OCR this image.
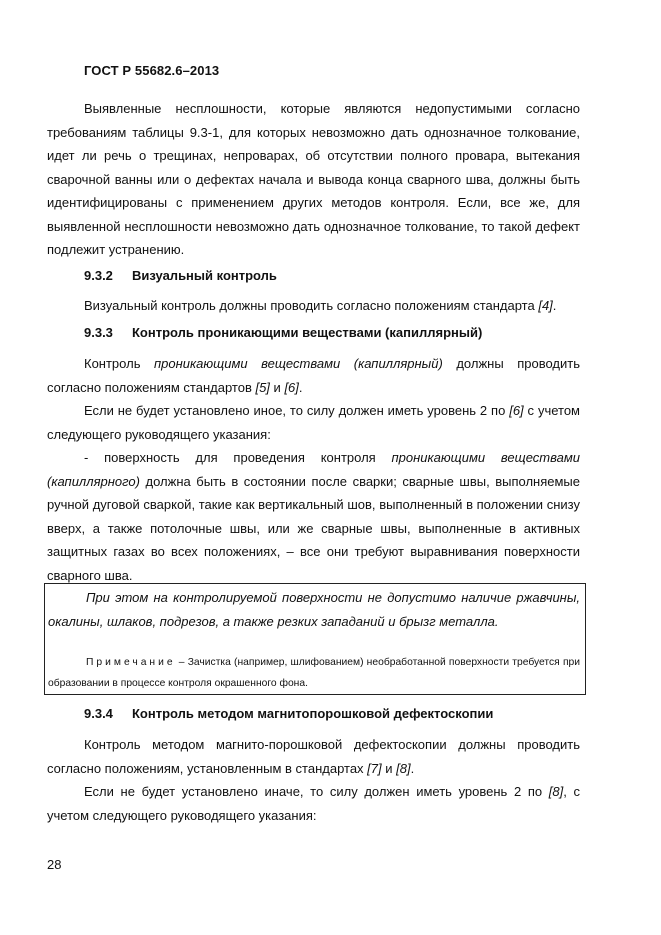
ГОСТ Р 55682.6–2013

Выявленные несплошности, которые являются недопустимыми согласно требованиям таблицы 9.3-1, для которых невозможно дать однозначное толкование, идет ли речь о трещинах, непроварах, об отсутствии полного провара, вытекания сварочной ванны или о дефектах начала и вывода конца сварного шва, должны быть идентифицированы с применением других методов контроля. Если, все же, для выявленной несплошности невозможно дать однозначное толкование, то такой дефект подлежит устранению.

9.3.2 Визуальный контроль

Визуальный контроль должны проводить согласно положениям стандарта [4].

9.3.3 Контроль проникающими веществами (капиллярный)

Контроль проникающими веществами (капиллярный) должны проводить согласно положениям стандартов [5] и [6].

Если не будет установлено иное, то силу должен иметь уровень 2 по [6] с учетом следующего руководящего указания:

- поверхность для проведения контроля проникающими веществами (капиллярного) должна быть в состоянии после сварки; сварные швы, выполняемые ручной дуговой сваркой, такие как вертикальный шов, выполненный в положении снизу вверх, а также потолочные швы, или же сварные швы, выполненные в активных защитных газах во всех положениях, – все они требуют выравнивания поверхности сварного шва.

При этом на контролируемой поверхности не допустимо наличие ржавчины, окалины, шлаков, подрезов, а также резких западаний и брызг металла.

Примечание – Зачистка (например, шлифованием) необработанной поверхности требуется при образовании в процессе контроля окрашенного фона.

9.3.4 Контроль методом магнитопорошковой дефектоскопии

Контроль методом магнито-порошковой дефектоскопии должны проводить согласно положениям, установленным в стандартах [7] и [8].

Если не будет установлено иначе, то силу должен иметь уровень 2 по [8], с учетом следующего руководящего указания:

28
